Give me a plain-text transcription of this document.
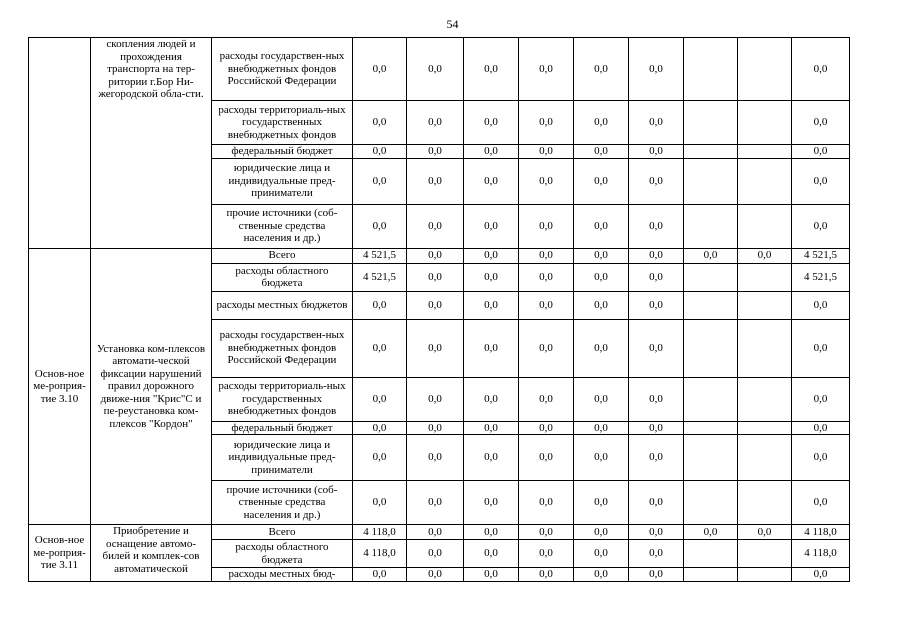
54
	скопления людей и прохождения транспорта на тер-ритории г.Бор Ни-жегородской обла-сти.	расходы государствен-ных внебюджетных фондов Российской Федерации	0,0	0,0	0,0	0,0	0,0	0,0			0,0
		расходы территориаль-ных государственных внебюджетных фондов	0,0	0,0	0,0	0,0	0,0	0,0			0,0
		федеральный бюджет	0,0	0,0	0,0	0,0	0,0	0,0			0,0
		юридические лица и индивидуальные пред-приниматели	0,0	0,0	0,0	0,0	0,0	0,0			0,0
		прочие источники (соб-ственные средства населения и др.)	0,0	0,0	0,0	0,0	0,0	0,0			0,0
Основ-ное ме-роприя-тие 3.10	Установка ком-плексов автомати-ческой фиксации нарушений правил дорожного движе-ния "Крис"С и пе-реустановка ком-плексов "Кордон"	Всего	4 521,5	0,0	0,0	0,0	0,0	0,0	0,0	0,0	4 521,5
		расходы областного бюджета	4 521,5	0,0	0,0	0,0	0,0	0,0			4 521,5
		расходы местных бюджетов	0,0	0,0	0,0	0,0	0,0	0,0			0,0
		расходы государствен-ных внебюджетных фондов Российской Федерации	0,0	0,0	0,0	0,0	0,0	0,0			0,0
		расходы территориаль-ных государственных внебюджетных фондов	0,0	0,0	0,0	0,0	0,0	0,0			0,0
		федеральный бюджет	0,0	0,0	0,0	0,0	0,0	0,0			0,0
		юридические лица и индивидуальные пред-приниматели	0,0	0,0	0,0	0,0	0,0	0,0			0,0
		прочие источники (соб-ственные средства населения и др.)	0,0	0,0	0,0	0,0	0,0	0,0			0,0
Основ-ное ме-роприя-тие 3.11	Приобретение и оснащение автомо-билей и комплек-сов автоматической	Всего	4 118,0	0,0	0,0	0,0	0,0	0,0	0,0	0,0	4 118,0
		расходы областного бюджета	4 118,0	0,0	0,0	0,0	0,0	0,0			4 118,0
		расходы местных бюд-	0,0	0,0	0,0	0,0	0,0	0,0			0,0
